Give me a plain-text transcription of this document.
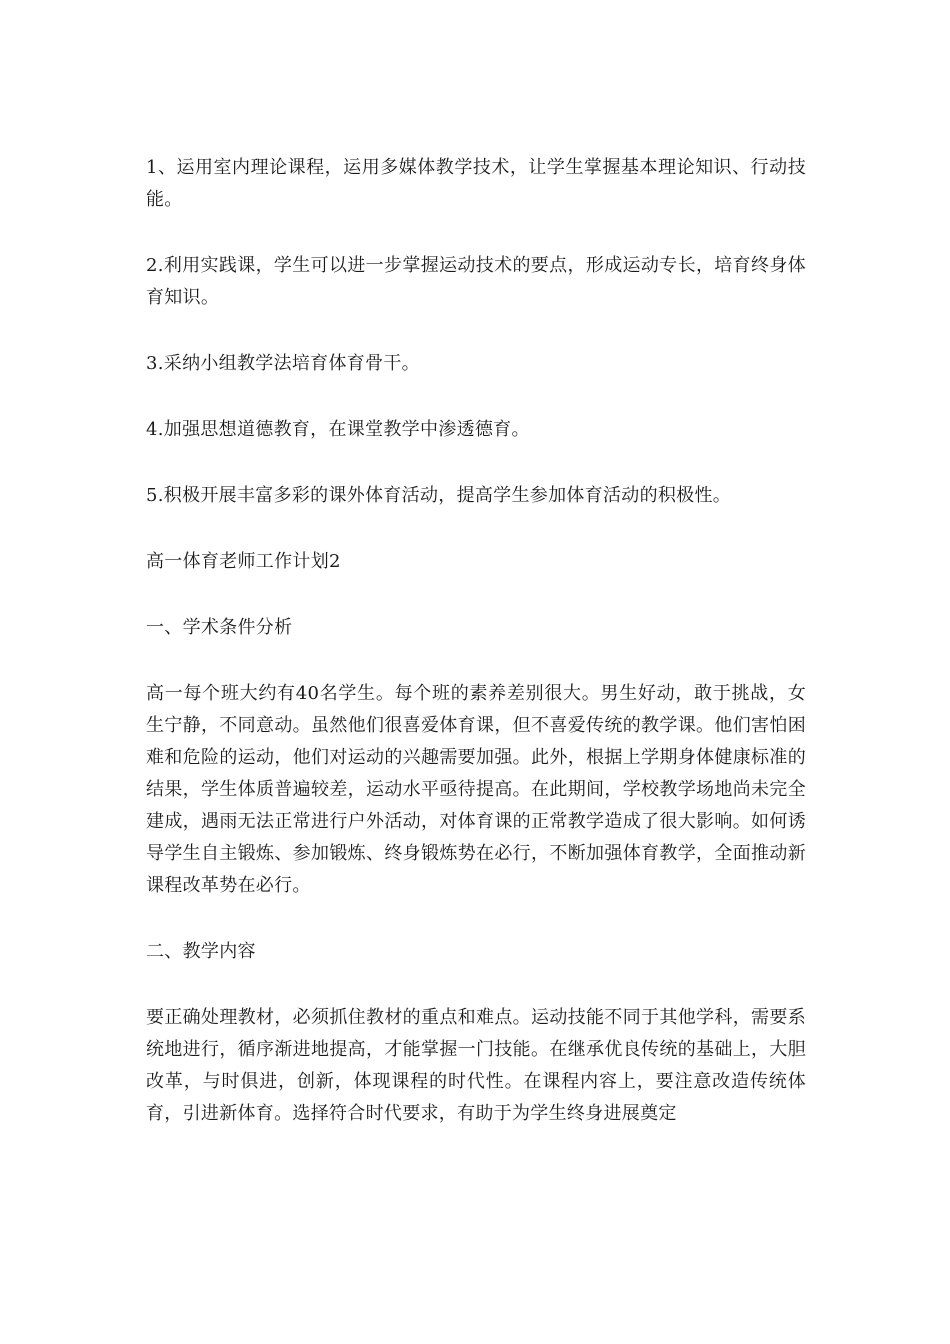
1、运用室内理论课程，运用多媒体教学技术，让学生掌握基本理论知识、行动技能。

2.利用实践课，学生可以进一步掌握运动技术的要点，形成运动专长，培育终身体育知识。

3.采纳小组教学法培育体育骨干。

4.加强思想道德教育，在课堂教学中渗透德育。

5.积极开展丰富多彩的课外体育活动，提高学生参加体育活动的积极性。

高一体育老师工作计划2

一、学术条件分析

高一每个班大约有40名学生。每个班的素养差别很大。男生好动，敢于挑战，女生宁静，不同意动。虽然他们很喜爱体育课，但不喜爱传统的教学课。他们害怕困难和危险的运动，他们对运动的兴趣需要加强。此外，根据上学期身体健康标准的结果，学生体质普遍较差，运动水平亟待提高。在此期间，学校教学场地尚未完全建成，遇雨无法正常进行户外活动，对体育课的正常教学造成了很大影响。如何诱导学生自主锻炼、参加锻炼、终身锻炼势在必行，不断加强体育教学，全面推动新课程改革势在必行。

二、教学内容

要正确处理教材，必须抓住教材的重点和难点。运动技能不同于其他学科，需要系统地进行，循序渐进地提高，才能掌握一门技能。在继承优良传统的基础上，大胆改革，与时俱进，创新，体现课程的时代性。在课程内容上，要注意改造传统体育，引进新体育。选择符合时代要求，有助于为学生终身进展奠定
